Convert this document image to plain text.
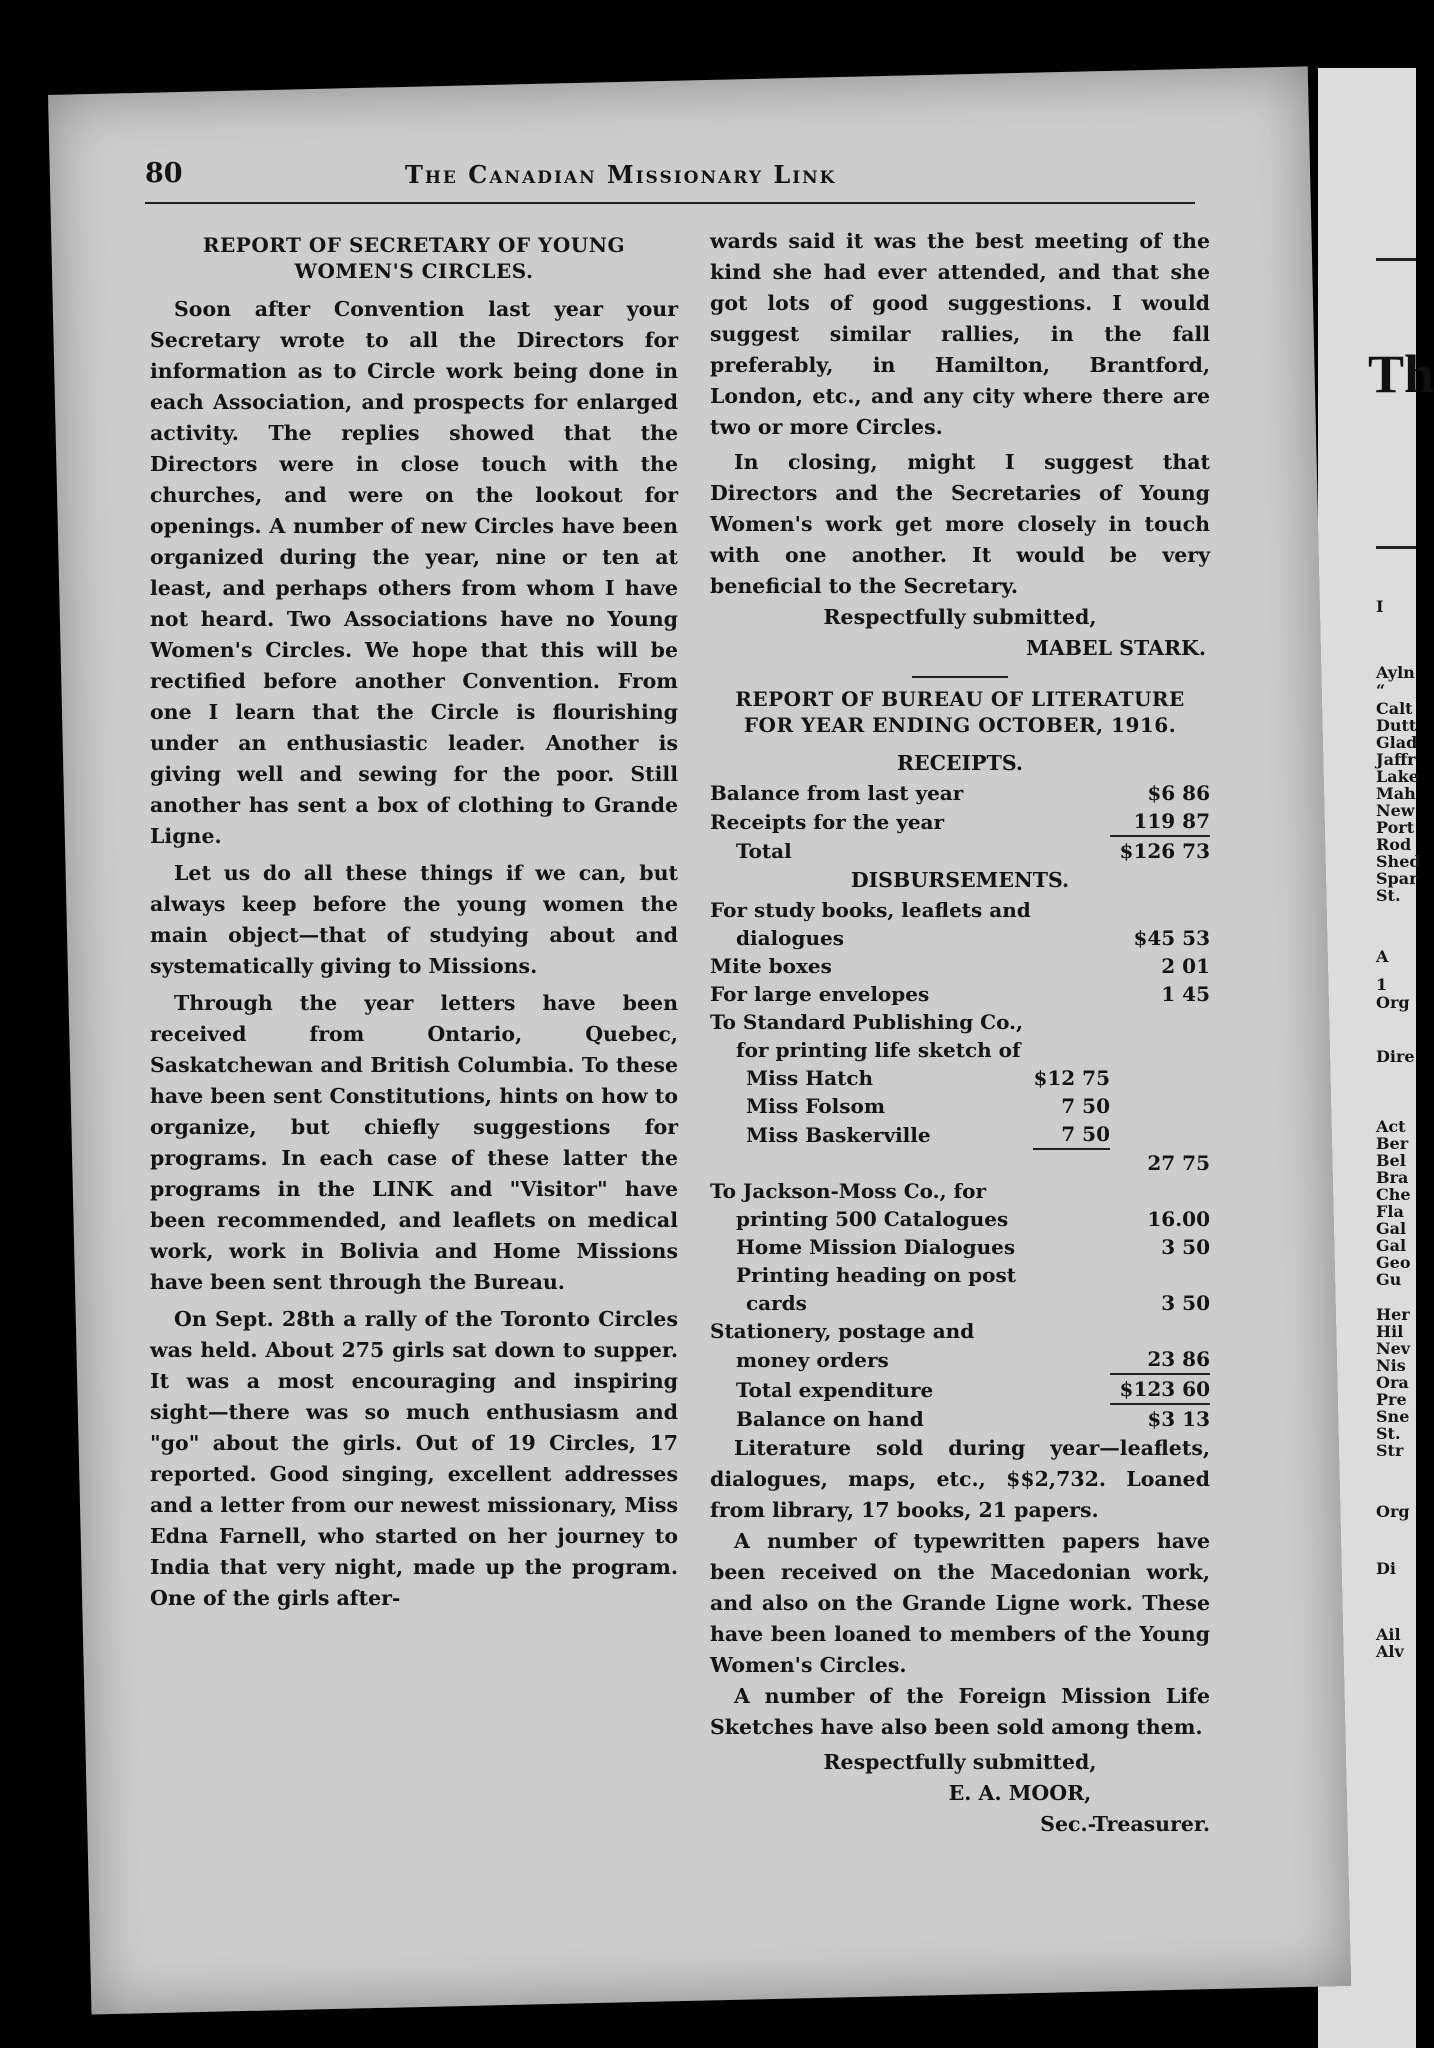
Th
I
Ayln
“
Calt
Dutt
Glad
Jaffr
Lake
Mah
New
Port
Rod
Shed
Spar
St.
A
1
Org
Dire
Act
Ber
Bel
Bra
Che
Fla
Gal
Gal
Geo
Gu
Her
Hil
Nev
Nis
Ora
Pre
Sne
St.
Str
Org
Di
Ail
Alv
80	The Canadian Missionary Link
REPORT OF SECRETARY OF YOUNG WOMEN'S CIRCLES.

Soon after Convention last year your Secretary wrote to all the Directors for information as to Circle work being done in each Association, and prospects for enlarged activity. The replies showed that the Directors were in close touch with the churches, and were on the lookout for openings. A number of new Circles have been organized during the year, nine or ten at least, and perhaps others from whom I have not heard. Two Associations have no Young Women's Circles. We hope that this will be rectified before another Convention. From one I learn that the Circle is flourishing under an enthusiastic leader. Another is giving well and sewing for the poor. Still another has sent a box of clothing to Grande Ligne.

Let us do all these things if we can, but always keep before the young women the main object—that of studying about and systematically giving to Missions.

Through the year letters have been received from Ontario, Quebec, Saskatchewan and British Columbia. To these have been sent Constitutions, hints on how to organize, but chiefly suggestions for programs. In each case of these latter the programs in the LINK and "Visitor" have been recommended, and leaflets on medical work, work in Bolivia and Home Missions have been sent through the Bureau.

On Sept. 28th a rally of the Toronto Circles was held. About 275 girls sat down to supper. It was a most encouraging and inspiring sight—there was so much enthusiasm and "go" about the girls. Out of 19 Circles, 17 reported. Good singing, excellent addresses and a letter from our newest missionary, Miss Edna Farnell, who started on her journey to India that very night, made up the program. One of the girls after-

wards said it was the best meeting of the kind she had ever attended, and that she got lots of good suggestions. I would suggest similar rallies, in the fall preferably, in Hamilton, Brantford, London, etc., and any city where there are two or more Circles.

In closing, might I suggest that Directors and the Secretaries of Young Women's work get more closely in touch with one another. It would be very beneficial to the Secretary.

Respectfully submitted,
MABEL STARK.
REPORT OF BUREAU OF LITERATURE FOR YEAR ENDING OCTOBER, 1916.
RECEIPTS.
Balance from last year	$6 86
Receipts for the year	119 87
Total	$126 73
DISBURSEMENTS.
For study books, leaflets and		
dialogues		$45 53
Mite boxes		2 01
For large envelopes		1 45
To Standard Publishing Co.,		
for printing life sketch of		
Miss Hatch	$12 75	
Miss Folsom	7 50	
Miss Baskerville	7 50	
		27 75
To Jackson-Moss Co., for		
printing 500 Catalogues		16.00
Home Mission Dialogues		3 50
Printing heading on post		
cards		3 50
Stationery, postage and		
money orders		23 86
Total expenditure		$123 60
Balance on hand		$3 13

Literature sold during year—leaflets, dialogues, maps, etc., $$2,732. Loaned from library, 17 books, 21 papers.

A number of typewritten papers have been received on the Macedonian work, and also on the Grande Ligne work. These have been loaned to members of the Young Women's Circles.

A number of the Foreign Mission Life Sketches have also been sold among them.

Respectfully submitted,
E. A. MOOR,
Sec.-Treasurer.
